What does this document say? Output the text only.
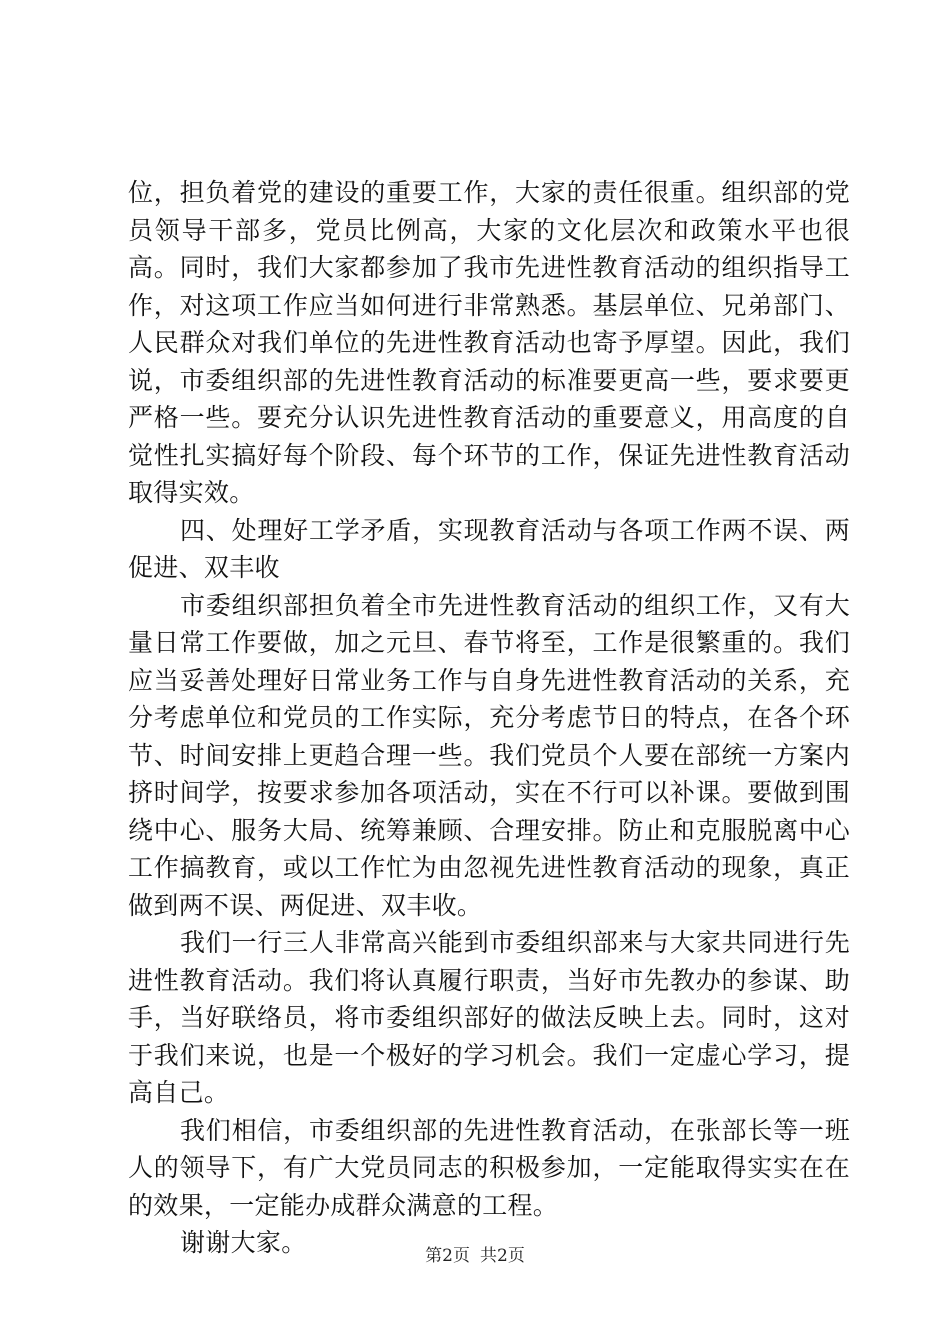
位，担负着党的建设的重要工作，大家的责任很重。组织部的党员领导干部多，党员比例高，大家的文化层次和政策水平也很高。同时，我们大家都参加了我市先进性教育活动的组织指导工作，对这项工作应当如何进行非常熟悉。基层单位、兄弟部门、人民群众对我们单位的先进性教育活动也寄予厚望。因此，我们说，市委组织部的先进性教育活动的标准要更高一些，要求要更严格一些。要充分认识先进性教育活动的重要意义，用高度的自觉性扎实搞好每个阶段、每个环节的工作，保证先进性教育活动取得实效。

四、处理好工学矛盾，实现教育活动与各项工作两不误、两促进、双丰收

市委组织部担负着全市先进性教育活动的组织工作，又有大量日常工作要做，加之元旦、春节将至，工作是很繁重的。我们应当妥善处理好日常业务工作与自身先进性教育活动的关系，充分考虑单位和党员的工作实际，充分考虑节日的特点，在各个环节、时间安排上更趋合理一些。我们党员个人要在部统一方案内挤时间学，按要求参加各项活动，实在不行可以补课。要做到围绕中心、服务大局、统筹兼顾、合理安排。防止和克服脱离中心工作搞教育，或以工作忙为由忽视先进性教育活动的现象，真正做到两不误、两促进、双丰收。

我们一行三人非常高兴能到市委组织部来与大家共同进行先进性教育活动。我们将认真履行职责，当好市先教办的参谋、助手，当好联络员，将市委组织部好的做法反映上去。同时，这对于我们来说，也是一个极好的学习机会。我们一定虚心学习，提高自己。

我们相信，市委组织部的先进性教育活动，在张部长等一班人的领导下，有广大党员同志的积极参加，一定能取得实实在在的效果，一定能办成群众满意的工程。

谢谢大家。	第2页 共2页
